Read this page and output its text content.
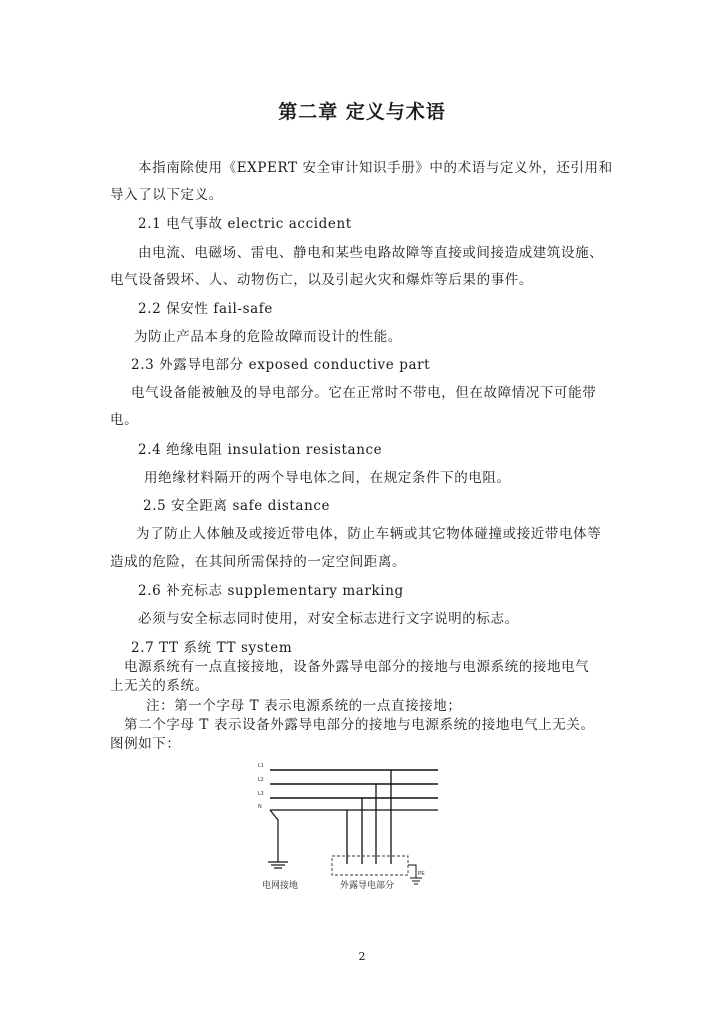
第二章 定义与术语
本指南除使用《EXPERT 安全审计知识手册》中的术语与定义外，还引用和
导入了以下定义。
2.1 电气事故 electric accident
由电流、电磁场、雷电、静电和某些电路故障等直接或间接造成建筑设施、
电气设备毁坏、人、动物伤亡，以及引起火灾和爆炸等后果的事件。
2.2 保安性 fail-safe
为防止产品本身的危险故障而设计的性能。
2.3 外露导电部分 exposed conductive part
电气设备能被触及的导电部分。它在正常时不带电，但在故障情况下可能带
电。
2.4 绝缘电阻 insulation resistance
用绝缘材料隔开的两个导电体之间，在规定条件下的电阻。
2.5 安全距离 safe distance
为了防止人体触及或接近带电体，防止车辆或其它物体碰撞或接近带电体等
造成的危险，在其间所需保持的一定空间距离。
2.6 补充标志 supplementary marking
必须与安全标志同时使用，对安全标志进行文字说明的标志。
2.7 TT 系统 TT system
电源系统有一点直接接地，设备外露导电部分的接地与电源系统的接地电气
上无关的系统。
注：第一个字母 T 表示电源系统的一点直接接地；
第二个字母 T 表示设备外露导电部分的接地与电源系统的接地电气上无关。
图例如下：
L1
L2
L3
N
PE
电网接地	外露导电部分
2
